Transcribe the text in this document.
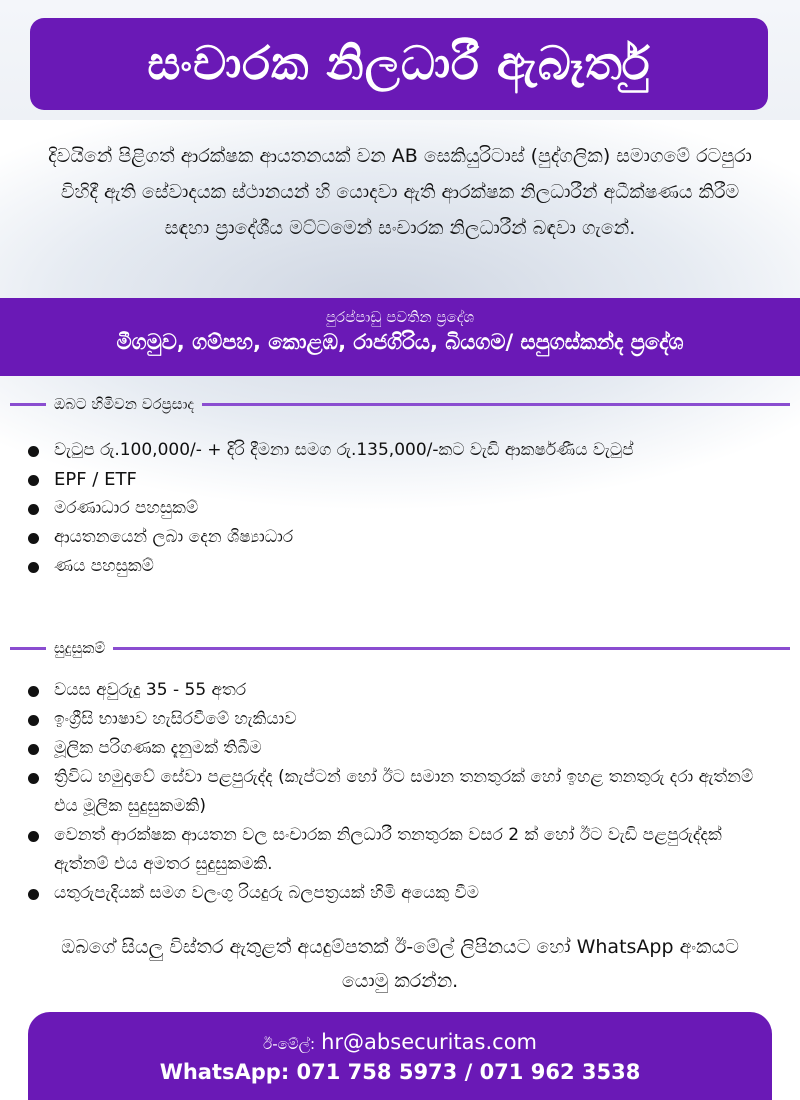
සංචාරක නිලධාරී ඇබෑර්තු
දිවයිනේ පිළිගත් ආරක්ෂක ආයතනයක් වන AB සෙකියුරිටාස් (පුද්ගලික) සමාගමේ රටපුරා විහිදී ඇති සේවාදයක ස්ථානයන් හි යොදවා ඇති ආරක්ෂක නිලධාරීන් අධීක්ෂණය කිරීම සඳහා ප්‍රාදේශීය මට්ටමෙන් සංචාරක නිලධාරීන් බඳවා ගැනේ.
පුරප්පාඩු පවතින ප්‍රදේශ
මීගමුව, ගම්පහ, කොළඹ, රාජගිරිය, බියගම/ සපුගස්කන්ද ප්‍රදේශ
ඔබට හිමිවන වරප්‍රසාද
වැටුප රු.100,000/- + දිරි දීමනා සමග රු.135,000/-කට වැඩි ආකර්ෂණීය වැටුප්
EPF / ETF
මරණාධාර පහසුකම්
ආයතනයෙන් ලබා දෙන ශිෂ්‍යාධාර
ණය පහසුකම්
සුදුසුකම්
වයස අවුරුදු 35 - 55 අතර
ඉංග්‍රීසි භාෂාව හැසිරවීමේ හැකියාව
මූලික පරිගණක දැනුමක් තිබීම
ත්‍රිවිධ හමුදාවේ සේවා පළපුරුද්ද (කැප්ටන් හෝ ඊට සමාන තනතුරක් හෝ ඉහළ තනතුරු දරා ඇත්නම් එය මූලික සුදුසුකමකි)
වෙනත් ආරක්ෂක ආයතන වල සංචාරක නිලධාරී තනතුරක වසර 2 ක් හෝ ඊට වැඩි පළපුරුද්දක් ඇත්නම් එය අමතර සුදුසුකමකි.
යතුරුපැදියක් සමග වලංගු රියදුරු බලපත්‍රයක් හිමි අයෙකු වීම
ඔබගේ සියලු විස්තර ඇතුළත් අයදුම්පතක් ඊ-මේල් ලිපිනයට හෝ WhatsApp අංකයට යොමු කරන්න.
ඊ-මේල්: hr@absecuritas.com
WhatsApp: 071 758 5973 / 071 962 3538
